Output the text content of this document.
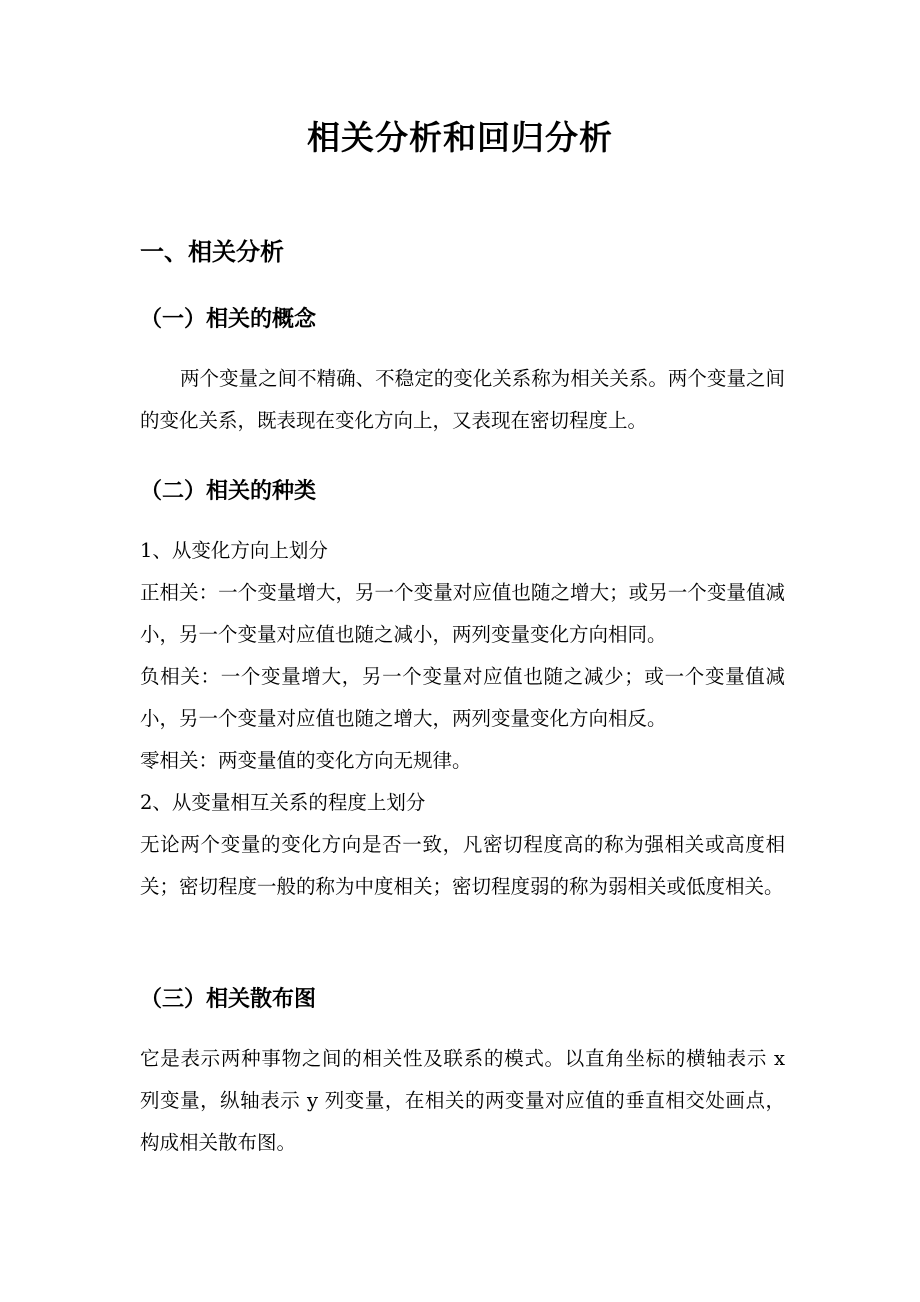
相关分析和回归分析
一、相关分析
（一）相关的概念

两个变量之间不精确、不稳定的变化关系称为相关关系。两个变量之间的变化关系，既表现在变化方向上，又表现在密切程度上。

（二）相关的种类

1、从变化方向上划分

正相关：一个变量增大，另一个变量对应值也随之增大；或另一个变量值减小，另一个变量对应值也随之减小，两列变量变化方向相同。

负相关：一个变量增大，另一个变量对应值也随之减少；或一个变量值减小，另一个变量对应值也随之增大，两列变量变化方向相反。

零相关：两变量值的变化方向无规律。

2、从变量相互关系的程度上划分

无论两个变量的变化方向是否一致，凡密切程度高的称为强相关或高度相关；密切程度一般的称为中度相关；密切程度弱的称为弱相关或低度相关。

（三）相关散布图

它是表示两种事物之间的相关性及联系的模式。以直角坐标的横轴表示 x 列变量，纵轴表示 y 列变量，在相关的两变量对应值的垂直相交处画点，构成相关散布图。
